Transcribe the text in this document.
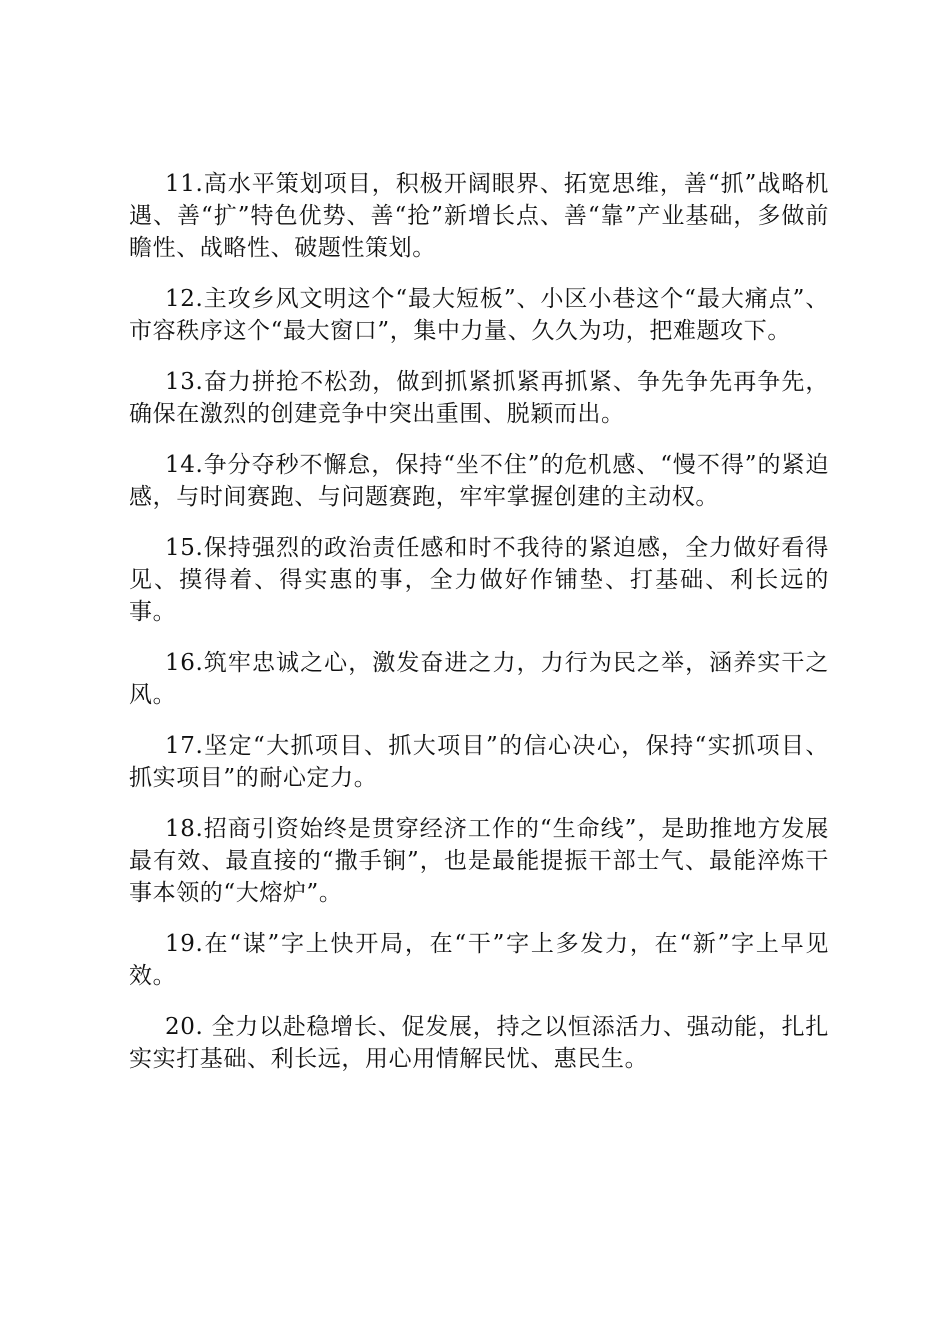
11.高水平策划项目，积极开阔眼界、拓宽思维，善“抓”战略机遇、善“扩”特色优势、善“抢”新增长点、善“靠”产业基础，多做前瞻性、战略性、破题性策划。

12.主攻乡风文明这个“最大短板”、小区小巷这个“最大痛点”、市容秩序这个“最大窗口”，集中力量、久久为功，把难题攻下。

13.奋力拼抢不松劲，做到抓紧抓紧再抓紧、争先争先再争先，确保在激烈的创建竞争中突出重围、脱颖而出。

14.争分夺秒不懈怠，保持“坐不住”的危机感、“慢不得”的紧迫感，与时间赛跑、与问题赛跑，牢牢掌握创建的主动权。

15.保持强烈的政治责任感和时不我待的紧迫感，全力做好看得见、摸得着、得实惠的事，全力做好作铺垫、打基础、利长远的事。

16.筑牢忠诚之心，激发奋进之力，力行为民之举，涵养实干之风。

17.坚定“大抓项目、抓大项目”的信心决心，保持“实抓项目、抓实项目”的耐心定力。

18.招商引资始终是贯穿经济工作的“生命线”，是助推地方发展最有效、最直接的“撒手锏”，也是最能提振干部士气、最能淬炼干事本领的“大熔炉”。

19.在“谋”字上快开局，在“干”字上多发力，在“新”字上早见效。

20. 全力以赴稳增长、促发展，持之以恒添活力、强动能，扎扎实实打基础、利长远，用心用情解民忧、惠民生。
